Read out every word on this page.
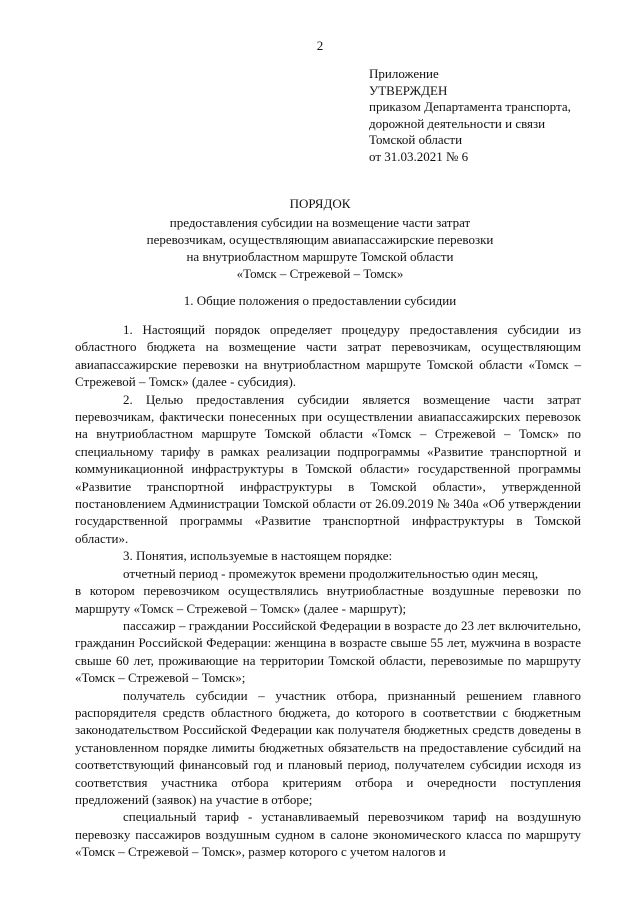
2
Приложение
УТВЕРЖДЕН
приказом Департамента транспорта,
дорожной деятельности и связи
Томской области
от 31.03.2021 № 6
ПОРЯДОК
предоставления субсидии на возмещение части затрат
перевозчикам, осуществляющим авиапассажирские перевозки
на внутриобластном маршруте Томской области
«Томск – Стрежевой – Томск»
1. Общие положения о предоставлении субсидии

1. Настоящий порядок определяет процедуру предоставления субсидии из областного бюджета на возмещение части затрат перевозчикам, осуществляющим авиапассажирские перевозки на внутриобластном маршруте Томской области «Томск – Стрежевой – Томск» (далее - субсидия).

2. Целью предоставления субсидии является возмещение части затрат перевозчикам, фактически понесенных при осуществлении авиапассажирских перевозок на внутриобластном маршруте Томской области «Томск – Стрежевой – Томск» по специальному тарифу в рамках реализации подпрограммы «Развитие транспортной и коммуникационной инфраструктуры в Томской области» государственной программы «Развитие транспортной инфраструктуры в Томской области», утвержденной постановлением Администрации Томской области от 26.09.2019 № 340а «Об утверждении государственной программы «Развитие транспортной инфраструктуры в Томской области».

3. Понятия, используемые в настоящем порядке:

отчетный период - промежуток времени продолжительностью один месяц,

в котором перевозчиком осуществлялись внутриобластные воздушные перевозки по маршруту «Томск – Стрежевой – Томск» (далее - маршрут);

пассажир – граждании Российской Федерации в возрасте до 23 лет включительно, гражданин Российской Федерации: женщина в возрасте свыше 55 лет, мужчина в возрасте свыше 60 лет, проживающие на территории Томской области, перевозимые по маршруту «Томск – Стрежевой – Томск»;

получатель субсидии – участник отбора, признанный решением главного распорядителя средств областного бюджета, до которого в соответствии с бюджетным законодательством Российской Федерации как получателя бюджетных средств доведены в установленном порядке лимиты бюджетных обязательств на предоставление субсидий на соответствующий финансовый год и плановый период, получателем субсидии исходя из соответствия участника отбора критериям отбора и очередности поступления предложений (заявок) на участие в отборе;

специальный тариф - устанавливаемый перевозчиком тариф на воздушную перевозку пассажиров воздушным судном в салоне экономического класса по маршруту «Томск – Стрежевой – Томск», размер которого с учетом налогов и
